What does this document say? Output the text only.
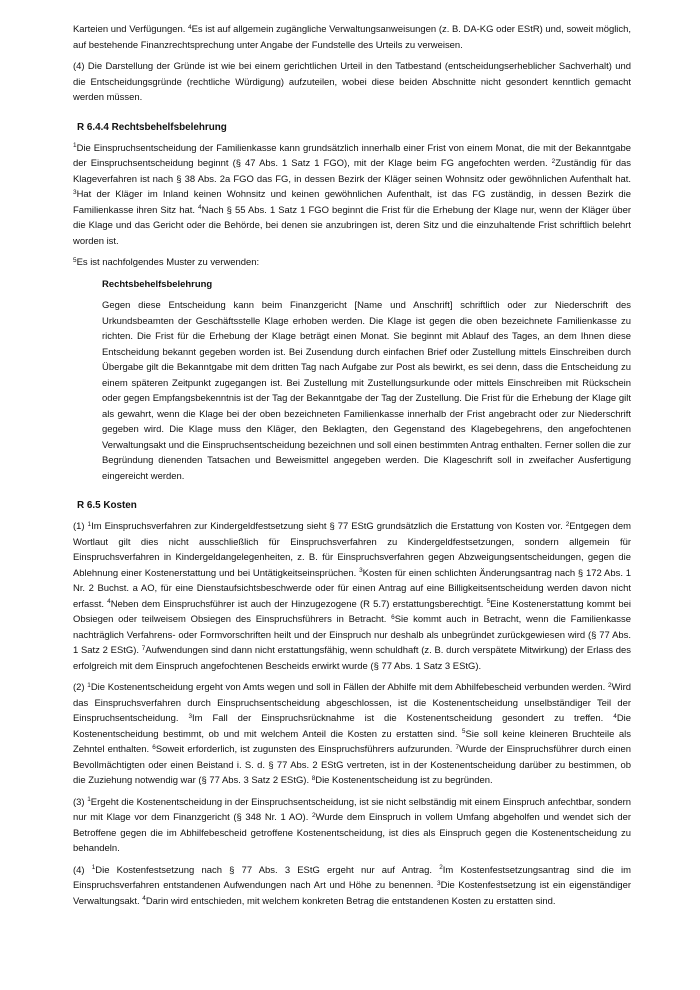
Karteien und Verfügungen. $^4$Es ist auf allgemein zugängliche Verwaltungsanweisungen (z. B. DA-KG oder EStR) und, soweit möglich, auf bestehende Finanzrechtsprechung unter Angabe der Fundstelle des Urteils zu verweisen.

(4) Die Darstellung der Gründe ist wie bei einem gerichtlichen Urteil in den Tatbestand (entscheidungserheblicher Sachverhalt) und die Entscheidungsgründe (rechtliche Würdigung) aufzuteilen, wobei diese beiden Abschnitte nicht gesondert kenntlich gemacht werden müssen.

R 6.4.4 Rechtsbehelfsbelehrung

$^1$Die Einspruchsentscheidung der Familienkasse kann grundsätzlich innerhalb einer Frist von einem Monat, die mit der Bekanntgabe der Einspruchsentscheidung beginnt (§ 47 Abs. 1 Satz 1 FGO), mit der Klage beim FG angefochten werden. $^2$Zuständig für das Klageverfahren ist nach § 38 Abs. 2a FGO das FG, in dessen Bezirk der Kläger seinen Wohnsitz oder gewöhnlichen Aufenthalt hat. $^3$Hat der Kläger im Inland keinen Wohnsitz und keinen gewöhnlichen Aufenthalt, ist das FG zuständig, in dessen Bezirk die Familienkasse ihren Sitz hat. $^4$Nach § 55 Abs. 1 Satz 1 FGO beginnt die Frist für die Erhebung der Klage nur, wenn der Kläger über die Klage und das Gericht oder die Behörde, bei denen sie anzubringen ist, deren Sitz und die einzuhaltende Frist schriftlich belehrt worden ist.

$^5$Es ist nachfolgendes Muster zu verwenden:

Rechtsbehelfsbelehrung

Gegen diese Entscheidung kann beim Finanzgericht [Name und Anschrift] schriftlich oder zur Niederschrift des Urkundsbeamten der Geschäftsstelle Klage erhoben werden. Die Klage ist gegen die oben bezeichnete Familienkasse zu richten. Die Frist für die Erhebung der Klage beträgt einen Monat. Sie beginnt mit Ablauf des Tages, an dem Ihnen diese Entscheidung bekannt gegeben worden ist. Bei Zusendung durch einfachen Brief oder Zustellung mittels Einschreiben durch Übergabe gilt die Bekanntgabe mit dem dritten Tag nach Aufgabe zur Post als bewirkt, es sei denn, dass die Entscheidung zu einem späteren Zeitpunkt zugegangen ist. Bei Zustellung mit Zustellungsurkunde oder mittels Einschreiben mit Rückschein oder gegen Empfangsbekenntnis ist der Tag der Bekanntgabe der Tag der Zustellung. Die Frist für die Erhebung der Klage gilt als gewahrt, wenn die Klage bei der oben bezeichneten Familienkasse innerhalb der Frist angebracht oder zur Niederschrift gegeben wird. Die Klage muss den Kläger, den Beklagten, den Gegenstand des Klagebegehrens, den angefochtenen Verwaltungsakt und die Einspruchsentscheidung bezeichnen und soll einen bestimmten Antrag enthalten. Ferner sollen die zur Begründung dienenden Tatsachen und Beweismittel angegeben werden. Die Klageschrift soll in zweifacher Ausfertigung eingereicht werden.

R 6.5 Kosten

(1) $^1$Im Einspruchsverfahren zur Kindergeldfestsetzung sieht § 77 EStG grundsätzlich die Erstattung von Kosten vor. $^2$Entgegen dem Wortlaut gilt dies nicht ausschließlich für Einspruchsverfahren zu Kindergeldfestsetzungen, sondern allgemein für Einspruchsverfahren in Kindergeldangelegenheiten, z. B. für Einspruchsverfahren gegen Abzweigungsentscheidungen, gegen die Ablehnung einer Kostenerstattung und bei Untätigkeitseinsprüchen. $^3$Kosten für einen schlichten Änderungsantrag nach § 172 Abs. 1 Nr. 2 Buchst. a AO, für eine Dienstaufsichtsbeschwerde oder für einen Antrag auf eine Billigkeitsentscheidung werden davon nicht erfasst. $^4$Neben dem Einspruchsführer ist auch der Hinzugezogene (R 5.7) erstattungsberechtigt. $^5$Eine Kostenerstattung kommt bei Obsiegen oder teilweisem Obsiegen des Einspruchsführers in Betracht. $^6$Sie kommt auch in Betracht, wenn die Familienkasse nachträglich Verfahrens- oder Formvorschriften heilt und der Einspruch nur deshalb als unbegründet zurückgewiesen wird (§ 77 Abs. 1 Satz 2 EStG). $^7$Aufwendungen sind dann nicht erstattungsfähig, wenn schuldhaft (z. B. durch verspätete Mitwirkung) der Erlass des erfolgreich mit dem Einspruch angefochtenen Bescheids erwirkt wurde (§ 77 Abs. 1 Satz 3 EStG).

(2) $^1$Die Kostenentscheidung ergeht von Amts wegen und soll in Fällen der Abhilfe mit dem Abhilfebescheid verbunden werden. $^2$Wird das Einspruchsverfahren durch Einspruchsentscheidung abgeschlossen, ist die Kostenentscheidung unselbständiger Teil der Einspruchsentscheidung. $^3$Im Fall der Einspruchsrücknahme ist die Kostenentscheidung gesondert zu treffen. $^4$Die Kostenentscheidung bestimmt, ob und mit welchem Anteil die Kosten zu erstatten sind. $^5$Sie soll keine kleineren Bruchteile als Zehntel enthalten. $^6$Soweit erforderlich, ist zugunsten des Einspruchsführers aufzurunden. $^7$Wurde der Einspruchsführer durch einen Bevollmächtigten oder einen Beistand i. S. d. § 77 Abs. 2 EStG vertreten, ist in der Kostenentscheidung darüber zu bestimmen, ob die Zuziehung notwendig war (§ 77 Abs. 3 Satz 2 EStG). $^8$Die Kostenentscheidung ist zu begründen.

(3) $^1$Ergeht die Kostenentscheidung in der Einspruchsentscheidung, ist sie nicht selbständig mit einem Einspruch anfechtbar, sondern nur mit Klage vor dem Finanzgericht (§ 348 Nr. 1 AO). $^2$Wurde dem Einspruch in vollem Umfang abgeholfen und wendet sich der Betroffene gegen die im Abhilfebescheid getroffene Kostenentscheidung, ist dies als Einspruch gegen die Kostenentscheidung zu behandeln.

(4) $^1$Die Kostenfestsetzung nach § 77 Abs. 3 EStG ergeht nur auf Antrag. $^2$Im Kostenfestsetzungsantrag sind die im Einspruchsverfahren entstandenen Aufwendungen nach Art und Höhe zu benennen. $^3$Die Kostenfestsetzung ist ein eigenständiger Verwaltungsakt. $^4$Darin wird entschieden, mit welchem konkreten Betrag die entstandenen Kosten zu erstatten sind.
